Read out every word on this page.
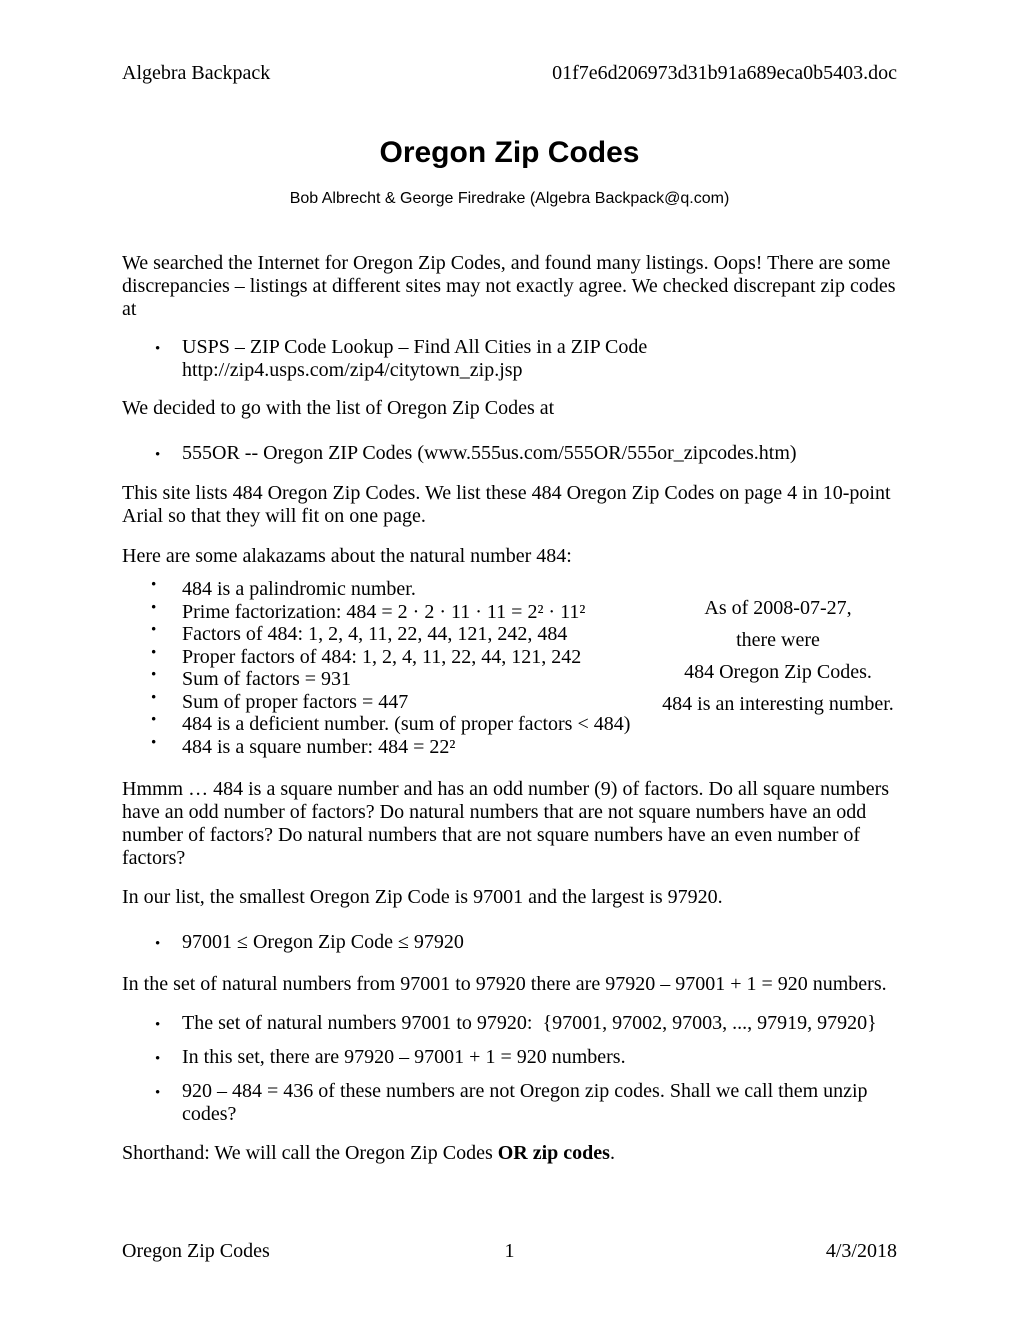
Algebra Backpack	01f7e6d206973d31b91a689eca0b5403.doc
Oregon Zip Codes
Bob Albrecht & George Firedrake (Algebra Backpack@q.com)

We searched the Internet for Oregon Zip Codes, and found many listings. Oops! There are some discrepancies – listings at different sites may not exactly agree. We checked discrepant zip codes at

• USPS – ZIP Code Lookup – Find All Cities in a ZIP Code
http://zip4.usps.com/zip4/citytown_zip.jsp

We decided to go with the list of Oregon Zip Codes at

• 555OR -- Oregon ZIP Codes (www.555us.com/555OR/555or_zipcodes.htm)

This site lists 484 Oregon Zip Codes. We list these 484 Oregon Zip Codes on page 4 in 10-point Arial so that they will fit on one page.

Here are some alakazams about the natural number 484:

· 484 is a palindromic number.
· Prime factorization: 484 = 2 · 2 · 11 · 11 = 2² · 11²
· Factors of 484: 1, 2, 4, 11, 22, 44, 121, 242, 484
· Proper factors of 484: 1, 2, 4, 11, 22, 44, 121, 242
· Sum of factors = 931
· Sum of proper factors = 447
· 484 is a deficient number. (sum of proper factors < 484)
· 484 is a square number: 484 = 22²
As of 2008-07-27,
there were
484 Oregon Zip Codes.
484 is an interesting number.

Hmmm … 484 is a square number and has an odd number (9) of factors. Do all square numbers have an odd number of factors? Do natural numbers that are not square numbers have an odd number of factors? Do natural numbers that are not square numbers have an even number of factors?

In our list, the smallest Oregon Zip Code is 97001 and the largest is 97920.

• 97001 ≤ Oregon Zip Code ≤ 97920

In the set of natural numbers from 97001 to 97920 there are 97920 – 97001 + 1 = 920 numbers.

• The set of natural numbers 97001 to 97920:  {97001, 97002, 97003, ..., 97919, 97920}
• In this set, there are 97920 – 97001 + 1 = 920 numbers.
• 920 – 484 = 436 of these numbers are not Oregon zip codes. Shall we call them unzip codes?

Shorthand: We will call the Oregon Zip Codes OR zip codes.

Oregon Zip Codes	1	4/3/2018
